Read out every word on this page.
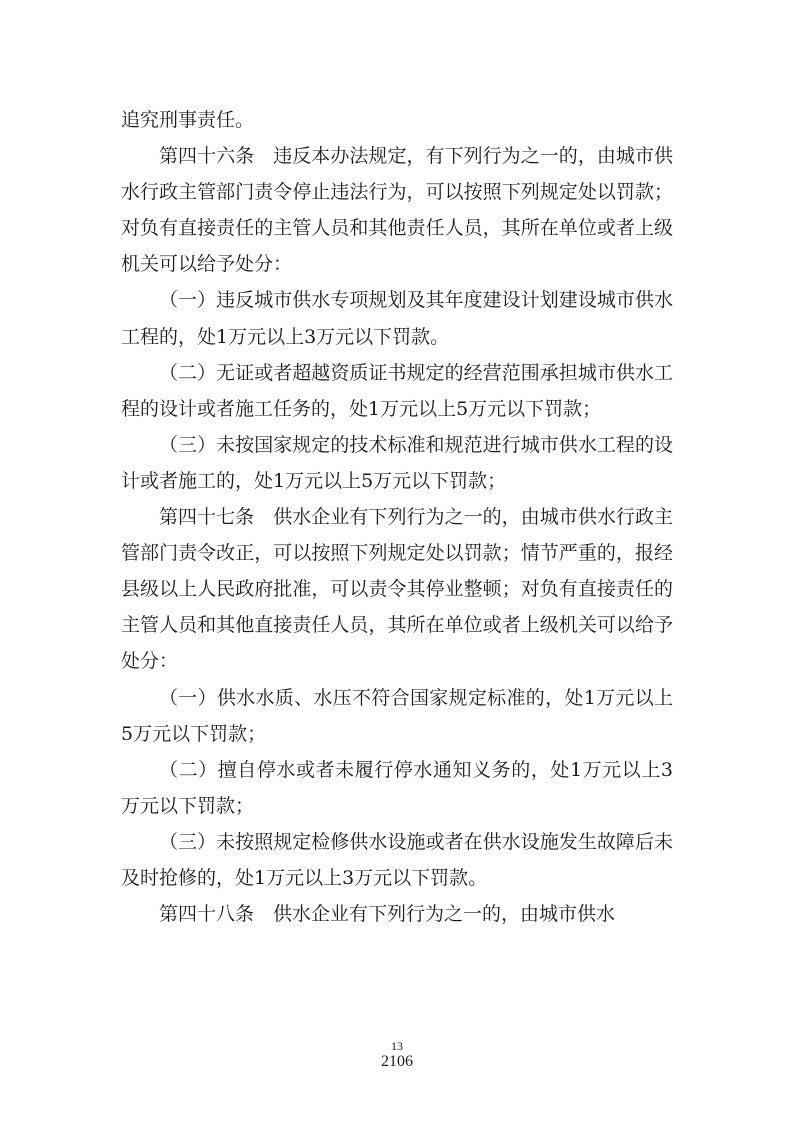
追究刑事责任。

第四十六条　违反本办法规定，有下列行为之一的，由城市供水行政主管部门责令停止违法行为，可以按照下列规定处以罚款；对负有直接责任的主管人员和其他责任人员，其所在单位或者上级机关可以给予处分：

（一）违反城市供水专项规划及其年度建设计划建设城市供水工程的，处1万元以上3万元以下罚款。

（二）无证或者超越资质证书规定的经营范围承担城市供水工程的设计或者施工任务的，处1万元以上5万元以下罚款；

（三）未按国家规定的技术标准和规范进行城市供水工程的设计或者施工的，处1万元以上5万元以下罚款；

第四十七条　供水企业有下列行为之一的，由城市供水行政主管部门责令改正，可以按照下列规定处以罚款；情节严重的，报经县级以上人民政府批准，可以责令其停业整顿；对负有直接责任的主管人员和其他直接责任人员，其所在单位或者上级机关可以给予处分：

（一）供水水质、水压不符合国家规定标准的，处1万元以上5万元以下罚款；

（二）擅自停水或者未履行停水通知义务的，处1万元以上3万元以下罚款；

（三）未按照规定检修供水设施或者在供水设施发生故障后未及时抢修的，处1万元以上3万元以下罚款。

第四十八条　供水企业有下列行为之一的，由城市供水

13
2106
